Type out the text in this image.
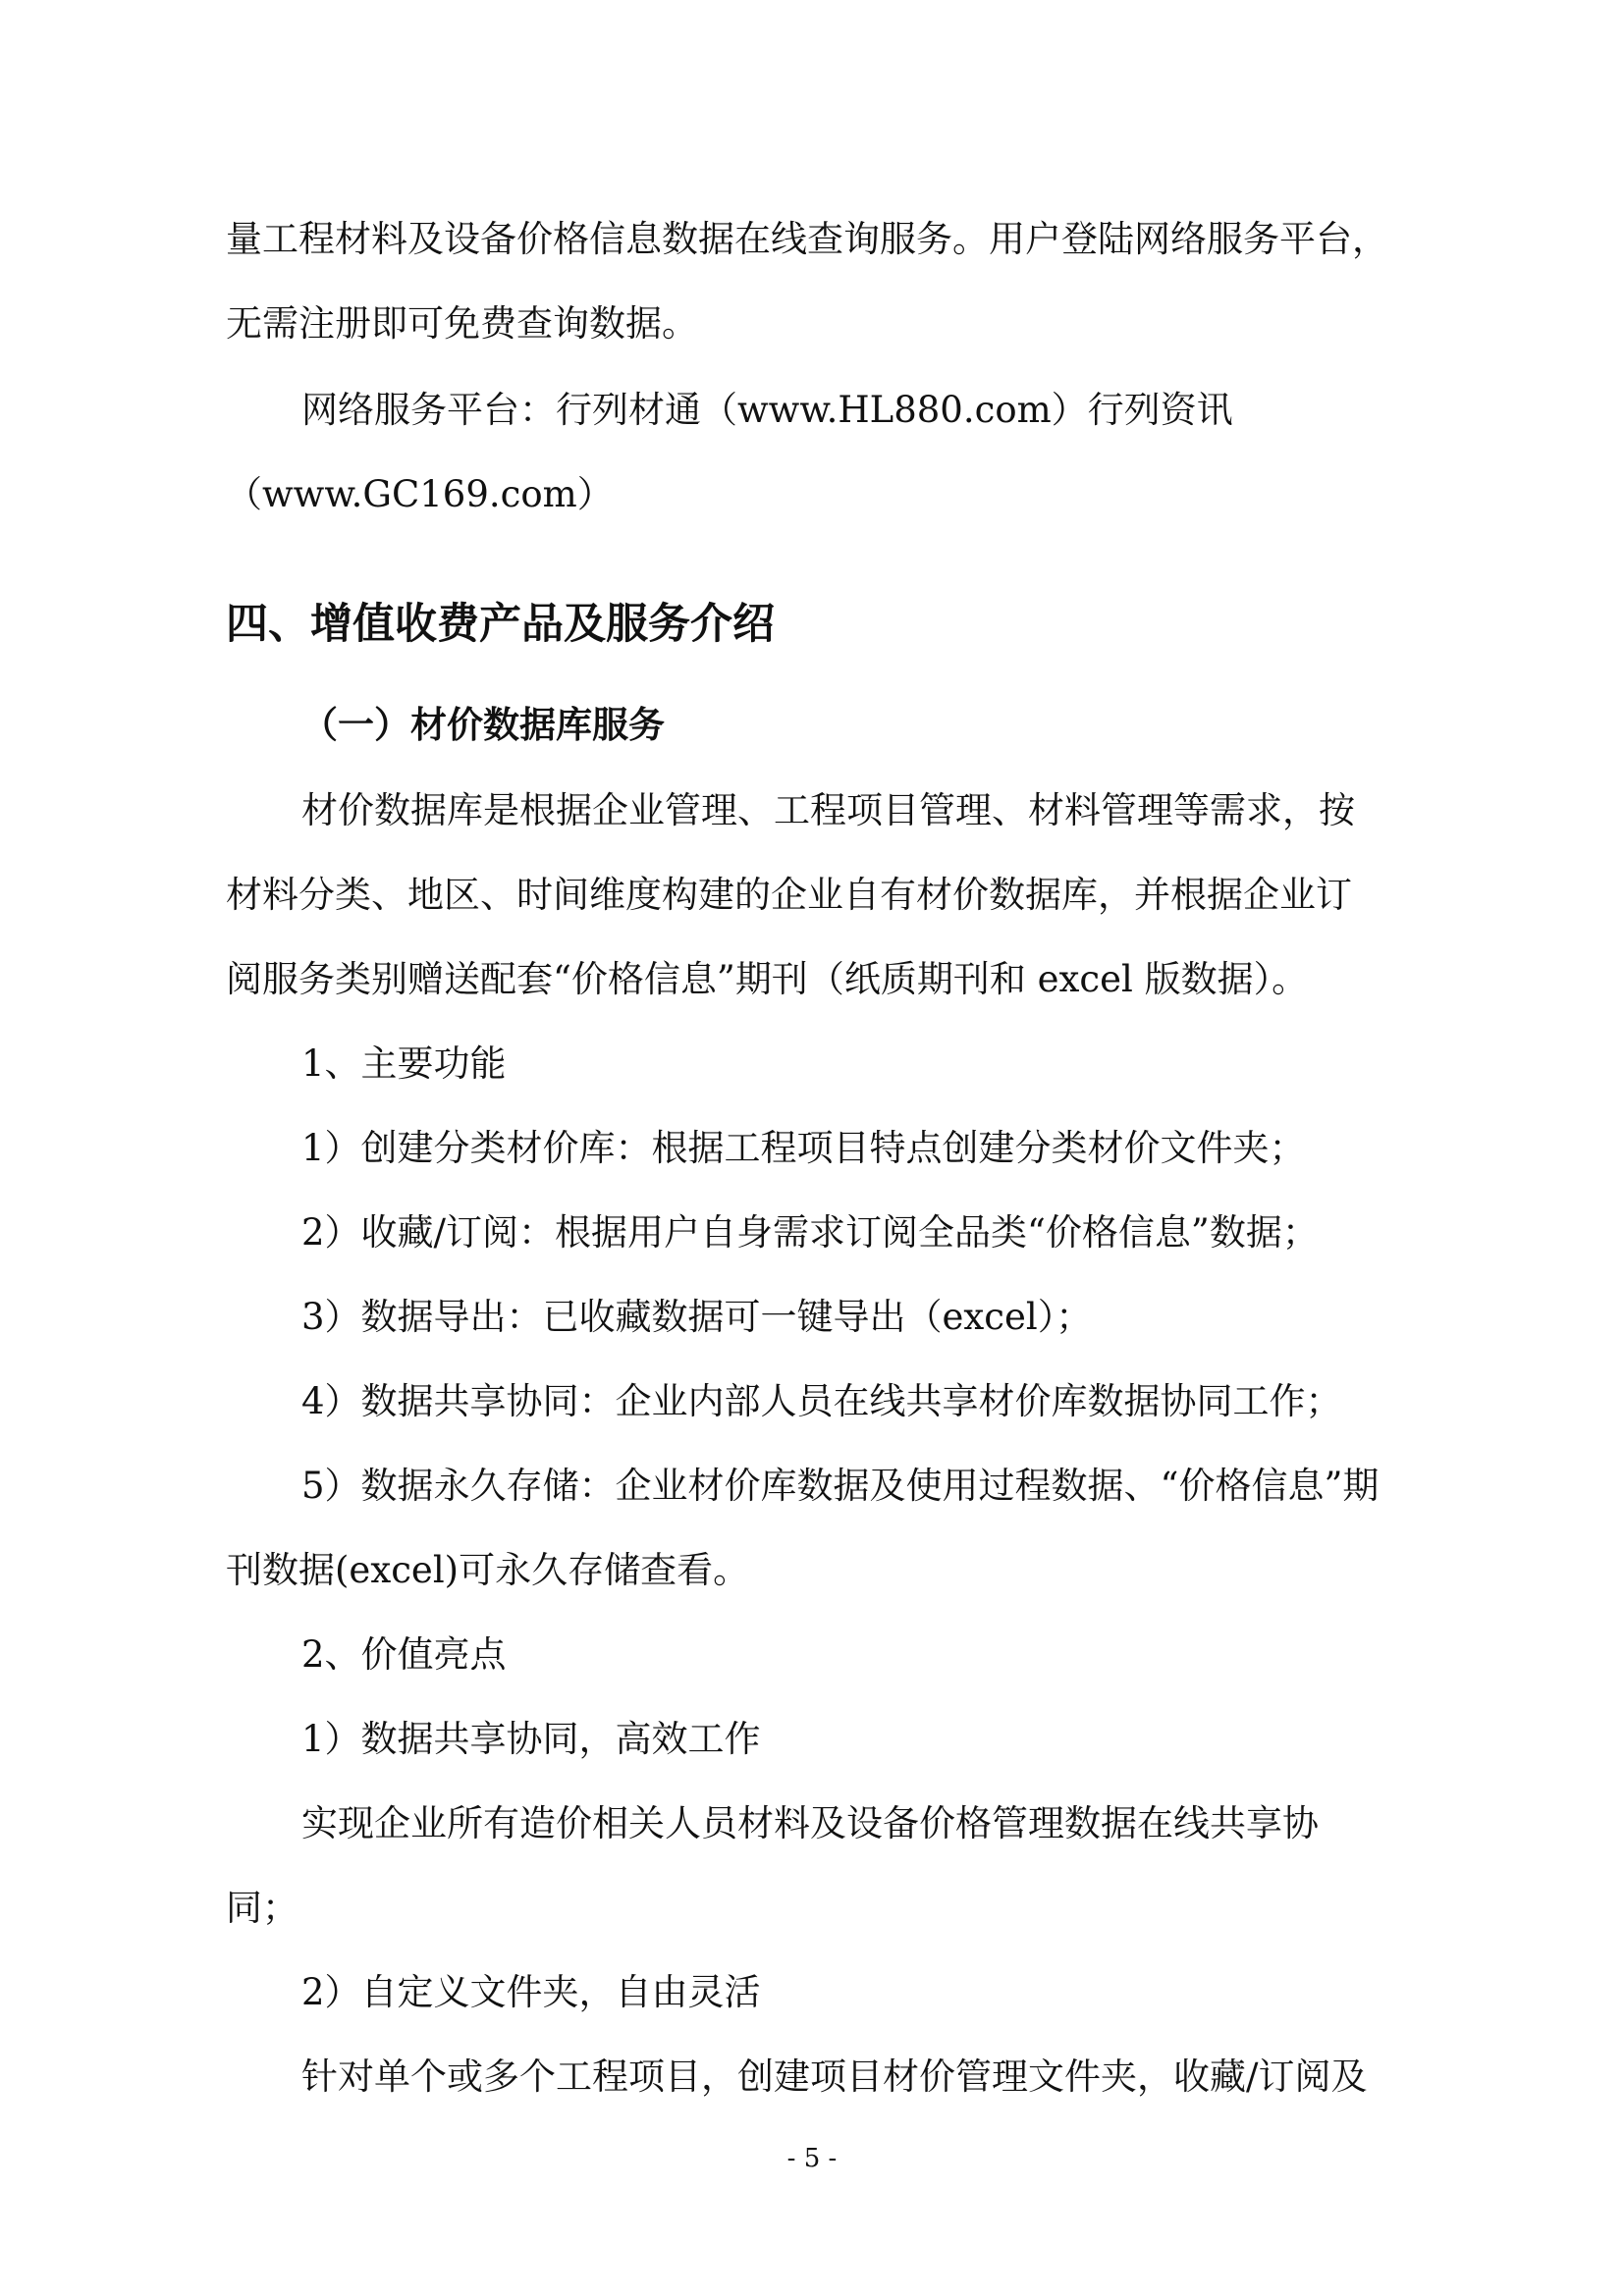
量工程材料及设备价格信息数据在线查询服务。用户登陆网络服务平台，
无需注册即可免费查询数据。
网络服务平台：行列材通（www.HL880.com）行列资讯
（www.GC169.com）
四、增值收费产品及服务介绍
（一）材价数据库服务
材价数据库是根据企业管理、工程项目管理、材料管理等需求，按
材料分类、地区、时间维度构建的企业自有材价数据库，并根据企业订
阅服务类别赠送配套“价格信息”期刊（纸质期刊和 excel 版数据）。
1、主要功能
1）创建分类材价库：根据工程项目特点创建分类材价文件夹；
2）收藏/订阅：根据用户自身需求订阅全品类“价格信息”数据；
3）数据导出：已收藏数据可一键导出（excel）；
4）数据共享协同：企业内部人员在线共享材价库数据协同工作；
5）数据永久存储：企业材价库数据及使用过程数据、“价格信息”期
刊数据(excel)可永久存储查看。
2、价值亮点
1）数据共享协同，高效工作
实现企业所有造价相关人员材料及设备价格管理数据在线共享协
同；
2）自定义文件夹，自由灵活
针对单个或多个工程项目，创建项目材价管理文件夹，收藏/订阅及
- 5 -
